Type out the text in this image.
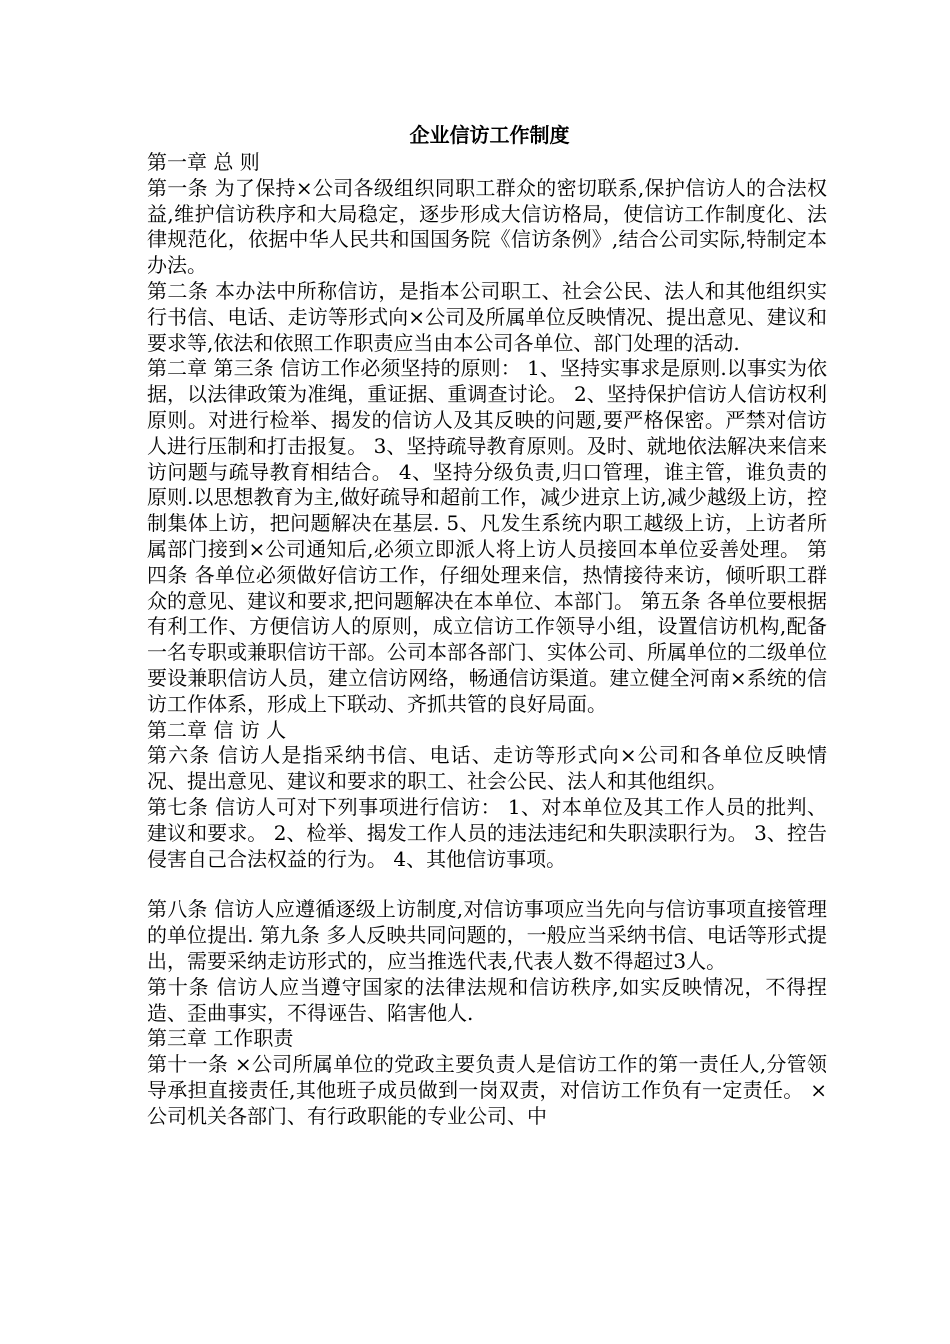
企业信访工作制度

第一章 总 则

第一条 为了保持×公司各级组织同职工群众的密切联系,保护信访人的合法权益,维护信访秩序和大局稳定，逐步形成大信访格局，使信访工作制度化、法律规范化，依据中华人民共和国国务院《信访条例》,结合公司实际,特制定本办法。

第二条 本办法中所称信访，是指本公司职工、社会公民、法人和其他组织实行书信、电话、走访等形式向×公司及所属单位反映情况、提出意见、建议和要求等,依法和依照工作职责应当由本公司各单位、部门处理的活动.

第二章 第三条 信访工作必须坚持的原则： 1、坚持实事求是原则.以事实为依据，以法律政策为准绳，重证据、重调查讨论。 2、坚持保护信访人信访权利原则。对进行检举、揭发的信访人及其反映的问题,要严格保密。严禁对信访人进行压制和打击报复。 3、坚持疏导教育原则。及时、就地依法解决来信来访问题与疏导教育相结合。 4、坚持分级负责,归口管理，谁主管，谁负责的原则.以思想教育为主,做好疏导和超前工作，减少进京上访,减少越级上访，控制集体上访，把问题解决在基层. 5、凡发生系统内职工越级上访，上访者所属部门接到×公司通知后,必须立即派人将上访人员接回本单位妥善处理。 第四条 各单位必须做好信访工作，仔细处理来信，热情接待来访，倾听职工群众的意见、建议和要求,把问题解决在本单位、本部门。 第五条 各单位要根据有利工作、方便信访人的原则，成立信访工作领导小组，设置信访机构,配备一名专职或兼职信访干部。公司本部各部门、实体公司、所属单位的二级单位要设兼职信访人员，建立信访网络，畅通信访渠道。建立健全河南×系统的信访工作体系，形成上下联动、齐抓共管的良好局面。

第二章 信 访 人

第六条 信访人是指采纳书信、电话、走访等形式向×公司和各单位反映情况、提出意见、建议和要求的职工、社会公民、法人和其他组织。

第七条 信访人可对下列事项进行信访： 1、对本单位及其工作人员的批判、建议和要求。 2、检举、揭发工作人员的违法违纪和失职渎职行为。 3、控告侵害自己合法权益的行为。 4、其他信访事项。

第八条 信访人应遵循逐级上访制度,对信访事项应当先向与信访事项直接管理的单位提出. 第九条 多人反映共同问题的，一般应当采纳书信、电话等形式提出，需要采纳走访形式的，应当推选代表,代表人数不得超过3人。

第十条 信访人应当遵守国家的法律法规和信访秩序,如实反映情况，不得捏造、歪曲事实，不得诬告、陷害他人.

第三章 工作职责

第十一条 ×公司所属单位的党政主要负责人是信访工作的第一责任人,分管领导承担直接责任,其他班子成员做到一岗双责，对信访工作负有一定责任。 ×公司机关各部门、有行政职能的专业公司、中
